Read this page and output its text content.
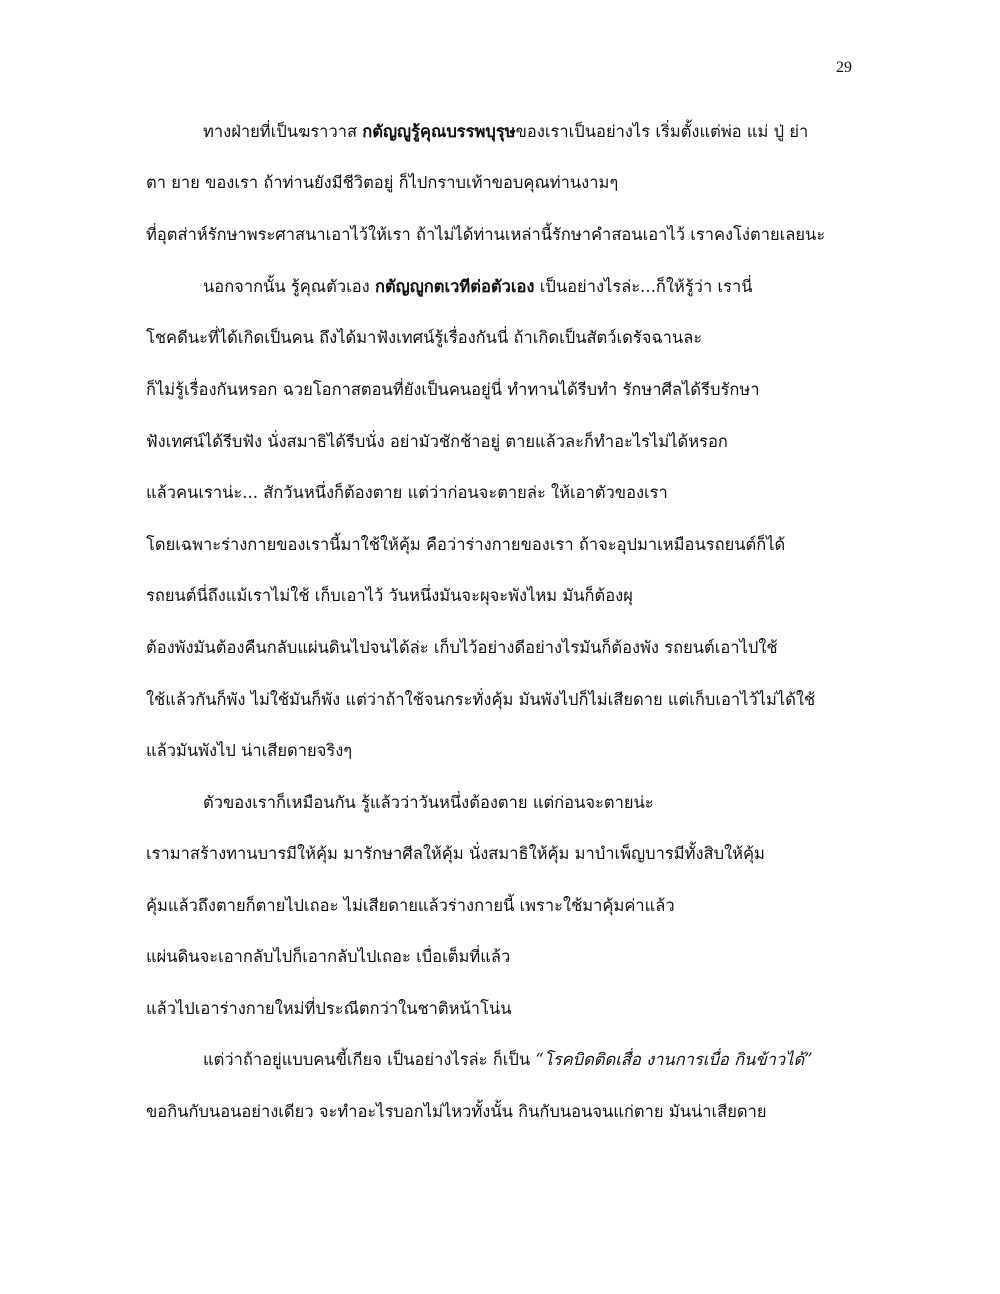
29
ทางฝ่ายที่เป็นฆราวาส กตัญญูรู้คุณบรรพบุรุษของเราเป็นอย่างไร เริ่มตั้งแต่พ่อ แม่ ปู่ ย่า
ตา ยาย ของเรา ถ้าท่านยังมีชีวิตอยู่ ก็ไปกราบเท้าขอบคุณท่านงามๆ
ที่อุตส่าห์รักษาพระศาสนาเอาไว้ให้เรา ถ้าไม่ได้ท่านเหล่านี้รักษาคำสอนเอาไว้ เราคงโง่ตายเลยนะ
นอกจากนั้น รู้คุณตัวเอง กตัญญูกตเวทีต่อตัวเอง เป็นอย่างไรล่ะ...ก็ให้รู้ว่า เรานี่
โชคดีนะที่ได้เกิดเป็นคน ถึงได้มาฟังเทศน์รู้เรื่องกันนี่ ถ้าเกิดเป็นสัตว์เดรัจฉานละ
ก็ไม่รู้เรื่องกันหรอก ฉวยโอกาสตอนที่ยังเป็นคนอยู่นี่ ทำทานได้รีบทำ รักษาศีลได้รีบรักษา
ฟังเทศน์ได้รีบฟัง นั่งสมาธิได้รีบนั่ง อย่ามัวชักช้าอยู่ ตายแล้วละก็ทำอะไรไม่ได้หรอก
แล้วคนเราน่ะ... สักวันหนึ่งก็ต้องตาย แต่ว่าก่อนจะตายล่ะ ให้เอาตัวของเรา
โดยเฉพาะร่างกายของเรานี้มาใช้ให้คุ้ม คือว่าร่างกายของเรา ถ้าจะอุปมาเหมือนรถยนต์ก็ได้
รถยนต์นี่ถึงแม้เราไม่ใช้ เก็บเอาไว้ วันหนึ่งมันจะผุจะพังไหม มันก็ต้องผุ
ต้องพังมันต้องคืนกลับแผ่นดินไปจนได้ล่ะ เก็บไว้อย่างดีอย่างไรมันก็ต้องพัง รถยนต์เอาไปใช้
ใช้แล้วกันก็พัง ไม่ใช้มันก็พัง แต่ว่าถ้าใช้จนกระทั่งคุ้ม มันพังไปก็ไม่เสียดาย แต่เก็บเอาไว้ไม่ได้ใช้
แล้วมันพังไป น่าเสียดายจริงๆ
ตัวของเราก็เหมือนกัน รู้แล้วว่าวันหนึ่งต้องตาย แต่ก่อนจะตายน่ะ
เรามาสร้างทานบารมีให้คุ้ม มารักษาศีลให้คุ้ม นั่งสมาธิให้คุ้ม มาบำเพ็ญบารมีทั้งสิบให้คุ้ม
คุ้มแล้วถึงตายก็ตายไปเถอะ ไม่เสียดายแล้วร่างกายนี้ เพราะใช้มาคุ้มค่าแล้ว
แผ่นดินจะเอากลับไปก็เอากลับไปเถอะ เบื่อเต็มที่แล้ว
แล้วไปเอาร่างกายใหม่ที่ประณีตกว่าในชาติหน้าโน่น
แต่ว่าถ้าอยู่แบบคนขี้เกียจ เป็นอย่างไรล่ะ ก็เป็น “โรคบิดติดเสื่อ งานการเบื่อ กินข้าวได้”
ขอกินกับนอนอย่างเดียว จะทำอะไรบอกไม่ไหวทั้งนั้น กินกับนอนจนแก่ตาย มันน่าเสียดาย
